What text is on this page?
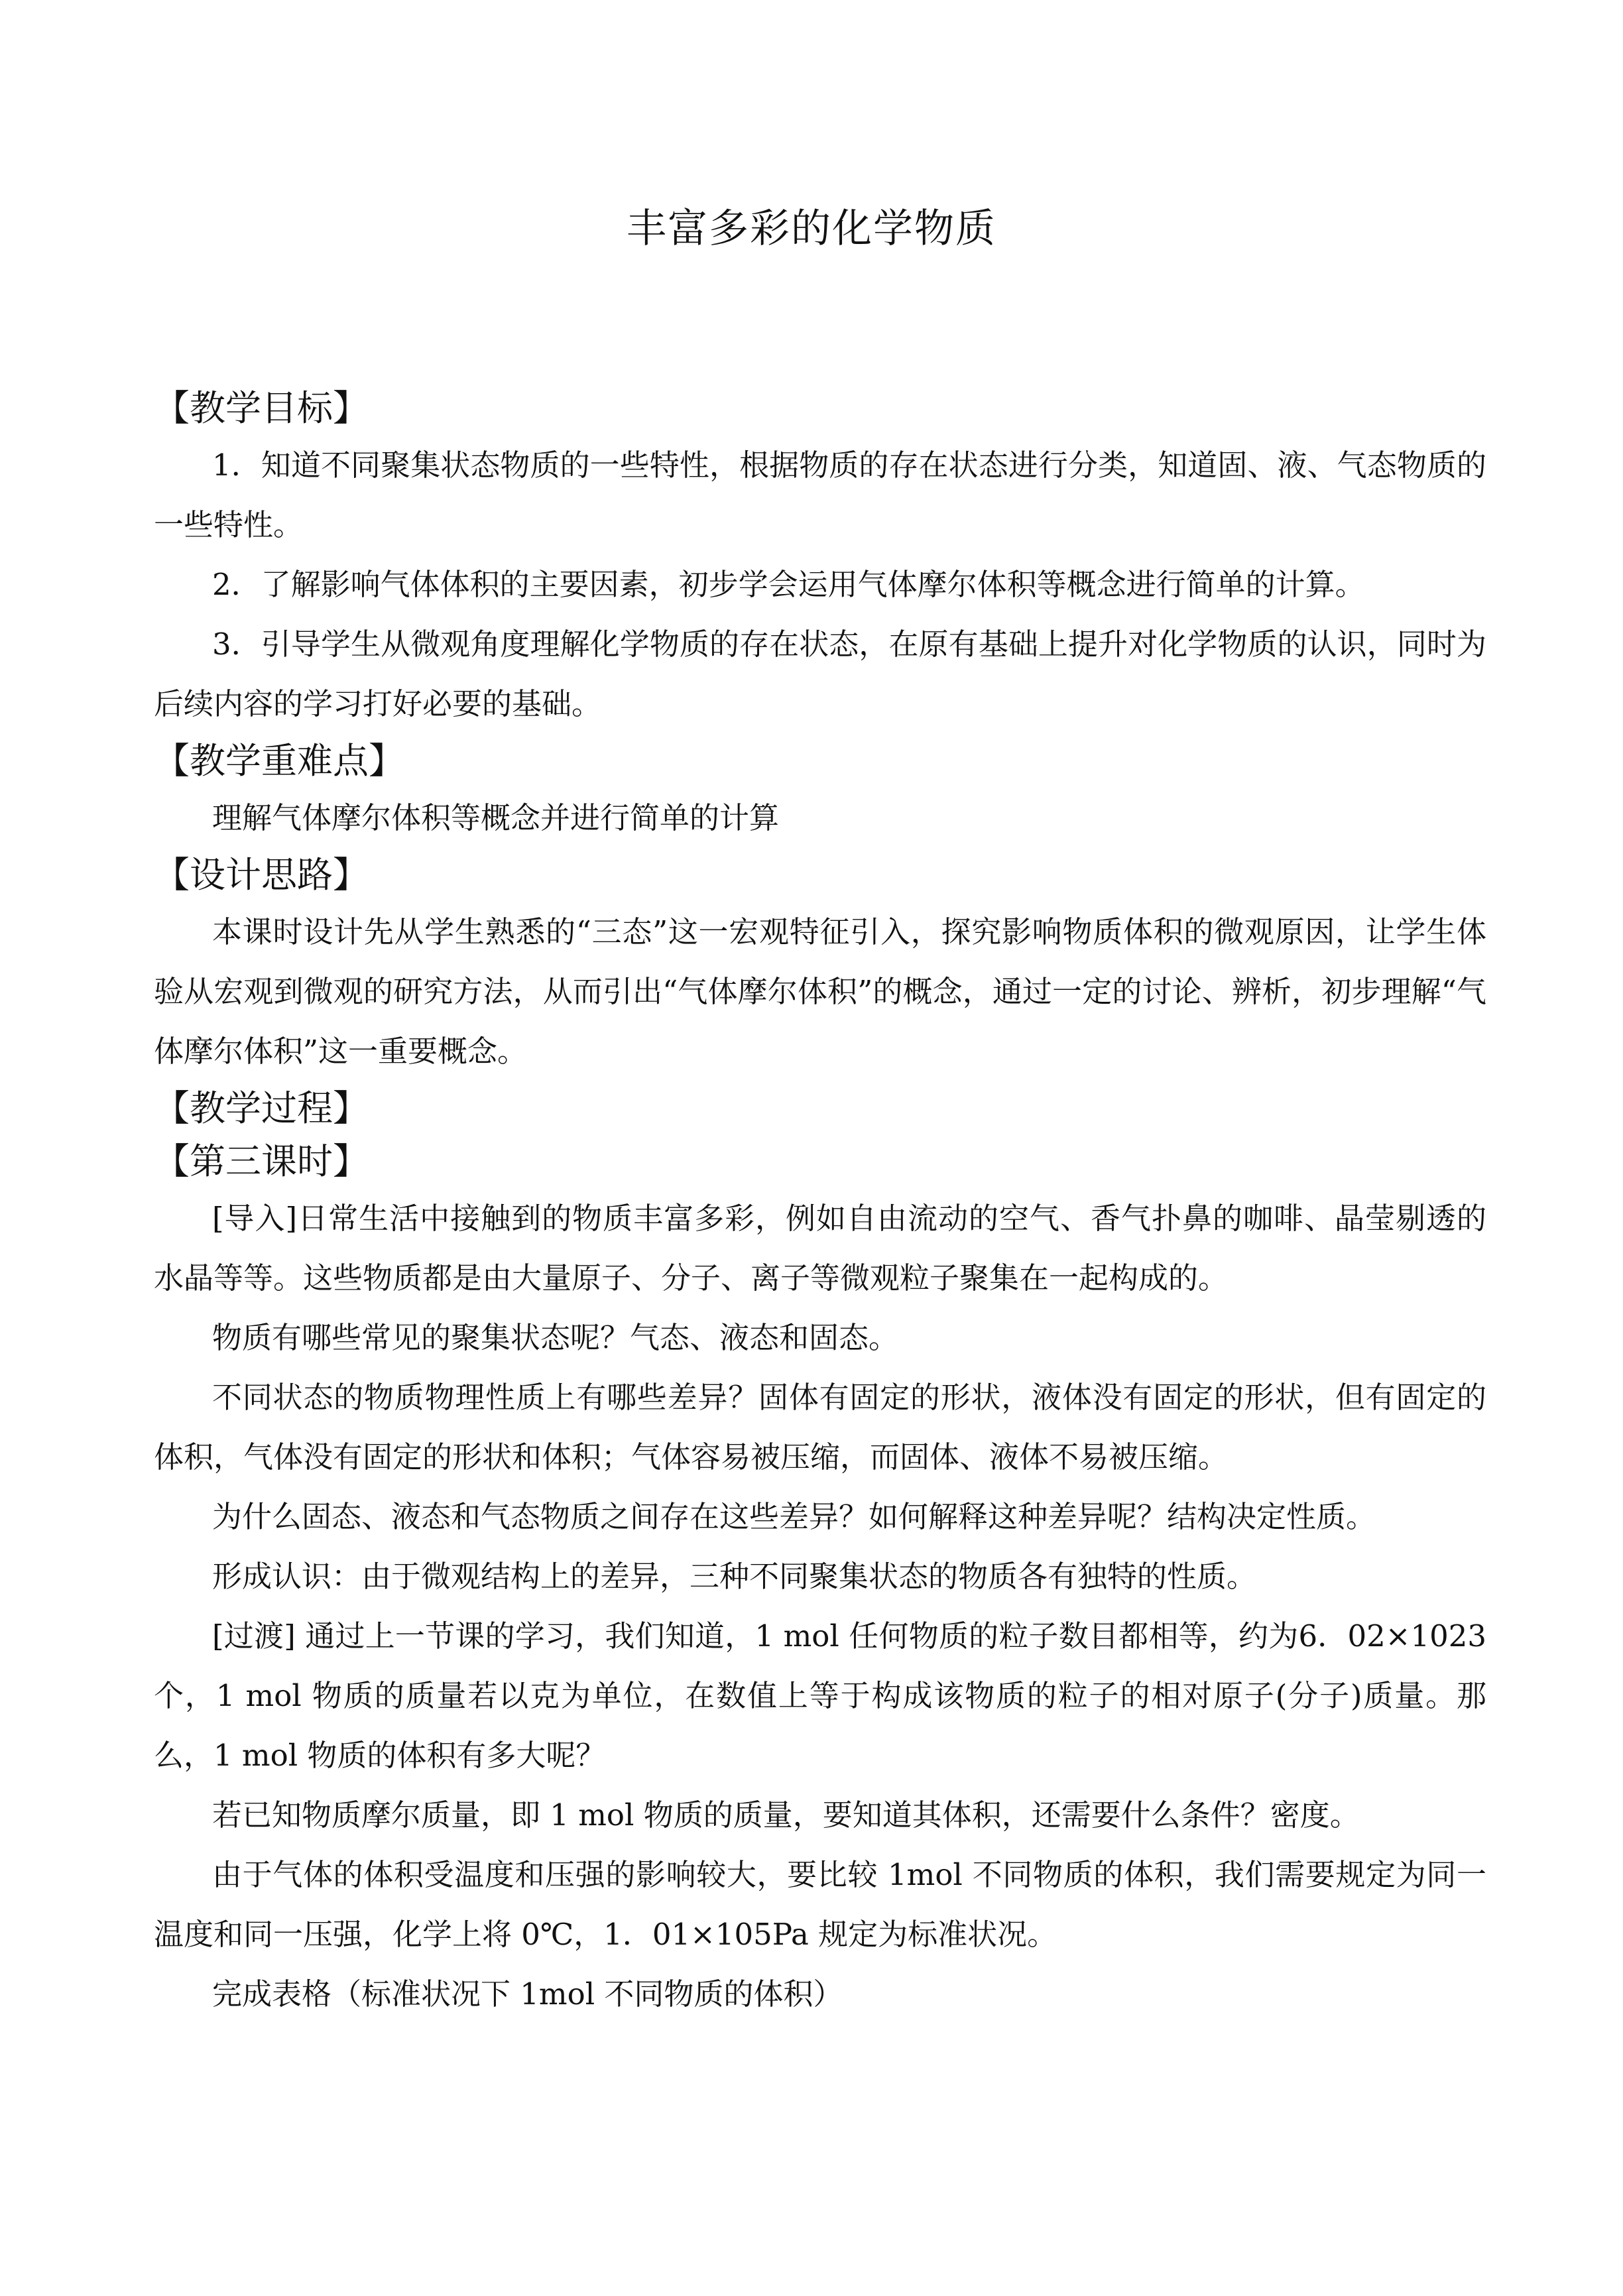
丰富多彩的化学物质
【教学目标】

1．知道不同聚集状态物质的一些特性，根据物质的存在状态进行分类，知道固、液、气态物质的一些特性。

2．了解影响气体体积的主要因素，初步学会运用气体摩尔体积等概念进行简单的计算。

3．引导学生从微观角度理解化学物质的存在状态，在原有基础上提升对化学物质的认识，同时为后续内容的学习打好必要的基础。

【教学重难点】

理解气体摩尔体积等概念并进行简单的计算

【设计思路】

本课时设计先从学生熟悉的“三态”这一宏观特征引入，探究影响物质体积的微观原因，让学生体验从宏观到微观的研究方法，从而引出“气体摩尔体积”的概念，通过一定的讨论、辨析，初步理解“气体摩尔体积”这一重要概念。

【教学过程】
【第三课时】

[导入]日常生活中接触到的物质丰富多彩，例如自由流动的空气、香气扑鼻的咖啡、晶莹剔透的水晶等等。这些物质都是由大量原子、分子、离子等微观粒子聚集在一起构成的。

物质有哪些常见的聚集状态呢？气态、液态和固态。

不同状态的物质物理性质上有哪些差异？固体有固定的形状，液体没有固定的形状，但有固定的体积，气体没有固定的形状和体积；气体容易被压缩，而固体、液体不易被压缩。

为什么固态、液态和气态物质之间存在这些差异？如何解释这种差异呢？结构决定性质。

形成认识：由于微观结构上的差异，三种不同聚集状态的物质各有独特的性质。

[过渡] 通过上一节课的学习，我们知道，1 mol 任何物质的粒子数目都相等，约为6．02×1023 个，1 mol 物质的质量若以克为单位，在数值上等于构成该物质的粒子的相对原子(分子)质量。那么，1 mol 物质的体积有多大呢？

若已知物质摩尔质量，即 1 mol 物质的质量，要知道其体积，还需要什么条件？密度。

由于气体的体积受温度和压强的影响较大，要比较 1mol 不同物质的体积，我们需要规定为同一温度和同一压强，化学上将 0℃，1．01×105Pa 规定为标准状况。

完成表格（标准状况下 1mol 不同物质的体积）
